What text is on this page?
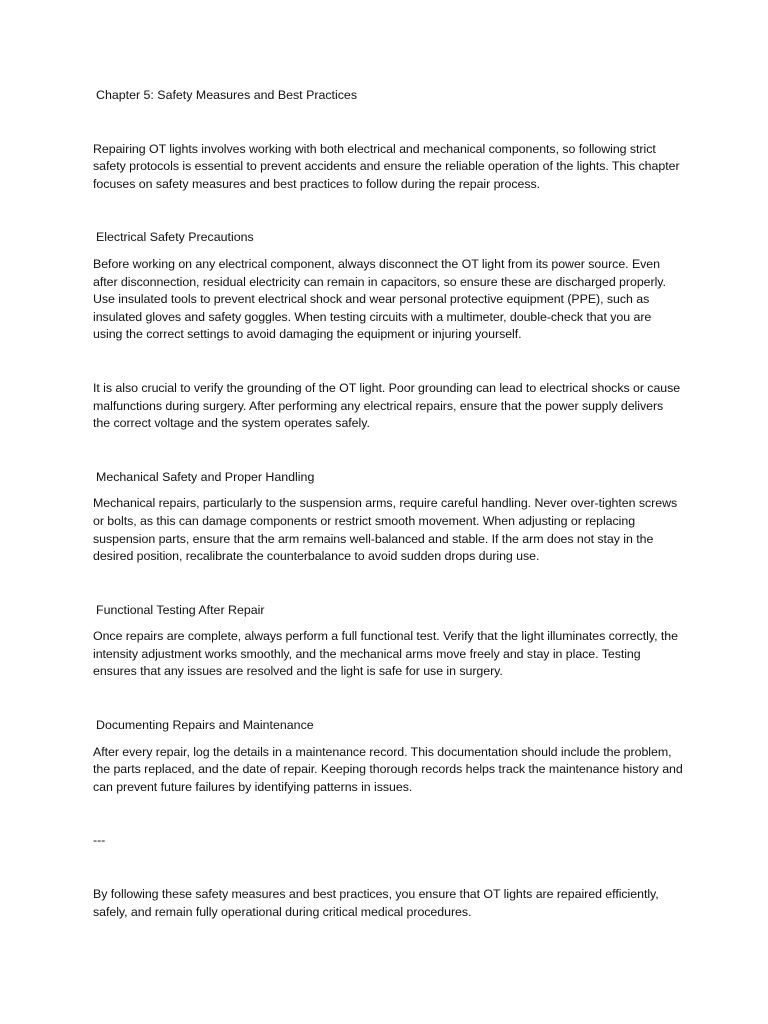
Chapter 5: Safety Measures and Best Practices

Repairing OT lights involves working with both electrical and mechanical components, so following strict safety protocols is essential to prevent accidents and ensure the reliable operation of the lights. This chapter focuses on safety measures and best practices to follow during the repair process.

Electrical Safety Precautions

Before working on any electrical component, always disconnect the OT light from its power source. Even after disconnection, residual electricity can remain in capacitors, so ensure these are discharged properly. Use insulated tools to prevent electrical shock and wear personal protective equipment (PPE), such as insulated gloves and safety goggles. When testing circuits with a multimeter, double-check that you are using the correct settings to avoid damaging the equipment or injuring yourself.

It is also crucial to verify the grounding of the OT light. Poor grounding can lead to electrical shocks or cause malfunctions during surgery. After performing any electrical repairs, ensure that the power supply delivers the correct voltage and the system operates safely.

Mechanical Safety and Proper Handling

Mechanical repairs, particularly to the suspension arms, require careful handling. Never over-tighten screws or bolts, as this can damage components or restrict smooth movement. When adjusting or replacing suspension parts, ensure that the arm remains well-balanced and stable. If the arm does not stay in the desired position, recalibrate the counterbalance to avoid sudden drops during use.

Functional Testing After Repair

Once repairs are complete, always perform a full functional test. Verify that the light illuminates correctly, the intensity adjustment works smoothly, and the mechanical arms move freely and stay in place. Testing ensures that any issues are resolved and the light is safe for use in surgery.

Documenting Repairs and Maintenance

After every repair, log the details in a maintenance record. This documentation should include the problem, the parts replaced, and the date of repair. Keeping thorough records helps track the maintenance history and can prevent future failures by identifying patterns in issues.

---

By following these safety measures and best practices, you ensure that OT lights are repaired efficiently, safely, and remain fully operational during critical medical procedures.
